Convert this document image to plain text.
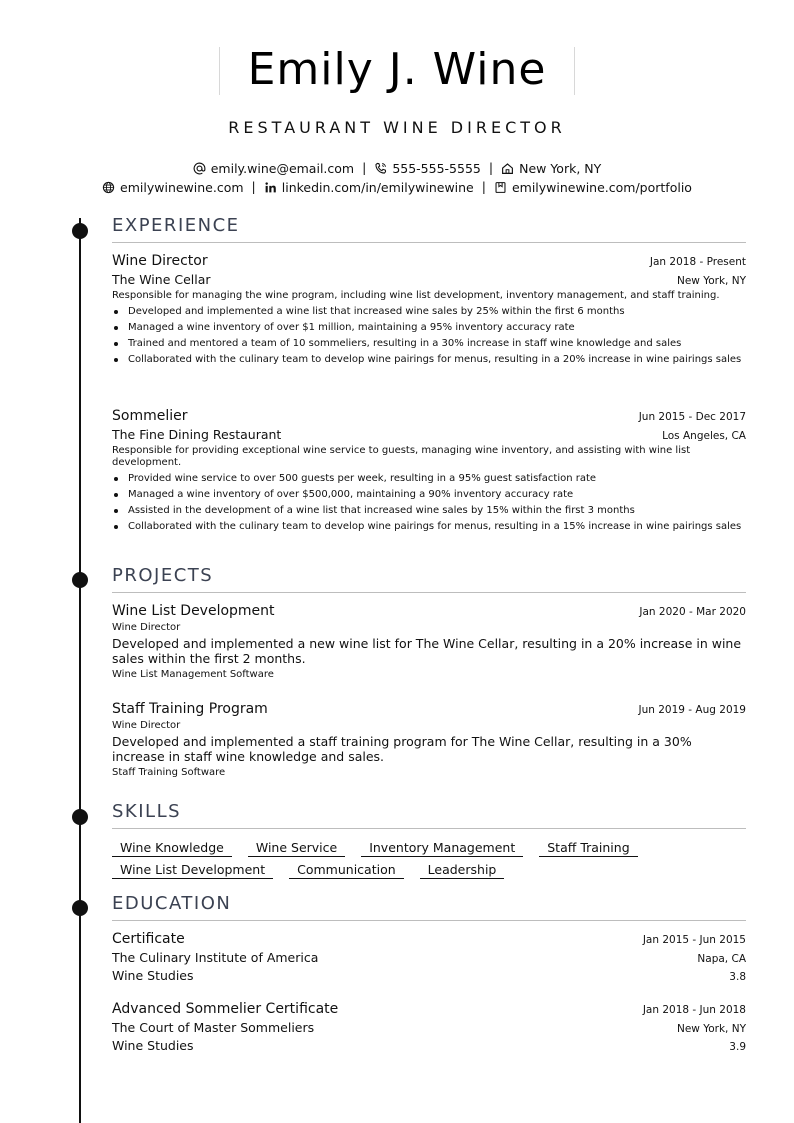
Emily J. Wine
RESTAURANT WINE DIRECTOR
emily.wine@email.com | 555-555-5555 | New York, NY
emilywinewine.com | linkedin.com/in/emilywinewine | emilywinewine.com/portfolio
EXPERIENCE
Wine Director	Jan 2018 - Present
The Wine Cellar	New York, NY
Responsible for managing the wine program, including wine list development, inventory management, and staff training.
Developed and implemented a wine list that increased wine sales by 25% within the first 6 months
Managed a wine inventory of over $1 million, maintaining a 95% inventory accuracy rate
Trained and mentored a team of 10 sommeliers, resulting in a 30% increase in staff wine knowledge and sales
Collaborated with the culinary team to develop wine pairings for menus, resulting in a 20% increase in wine pairings sales
Sommelier	Jun 2015 - Dec 2017
The Fine Dining Restaurant	Los Angeles, CA
Responsible for providing exceptional wine service to guests, managing wine inventory, and assisting with wine list development.
Provided wine service to over 500 guests per week, resulting in a 95% guest satisfaction rate
Managed a wine inventory of over $500,000, maintaining a 90% inventory accuracy rate
Assisted in the development of a wine list that increased wine sales by 15% within the first 3 months
Collaborated with the culinary team to develop wine pairings for menus, resulting in a 15% increase in wine pairings sales
PROJECTS
Wine List Development	Jan 2020 - Mar 2020
Wine Director
Developed and implemented a new wine list for The Wine Cellar, resulting in a 20% increase in wine sales within the first 2 months.
Wine List Management Software
Staff Training Program	Jun 2019 - Aug 2019
Wine Director
Developed and implemented a staff training program for The Wine Cellar, resulting in a 30% increase in staff wine knowledge and sales.
Staff Training Software
SKILLS
Wine Knowledge	Wine Service	Inventory Management	Staff Training
Wine List Development	Communication	Leadership
EDUCATION
Certificate	Jan 2015 - Jun 2015
The Culinary Institute of America	Napa, CA
Wine Studies	3.8
Advanced Sommelier Certificate	Jan 2018 - Jun 2018
The Court of Master Sommeliers	New York, NY
Wine Studies	3.9
